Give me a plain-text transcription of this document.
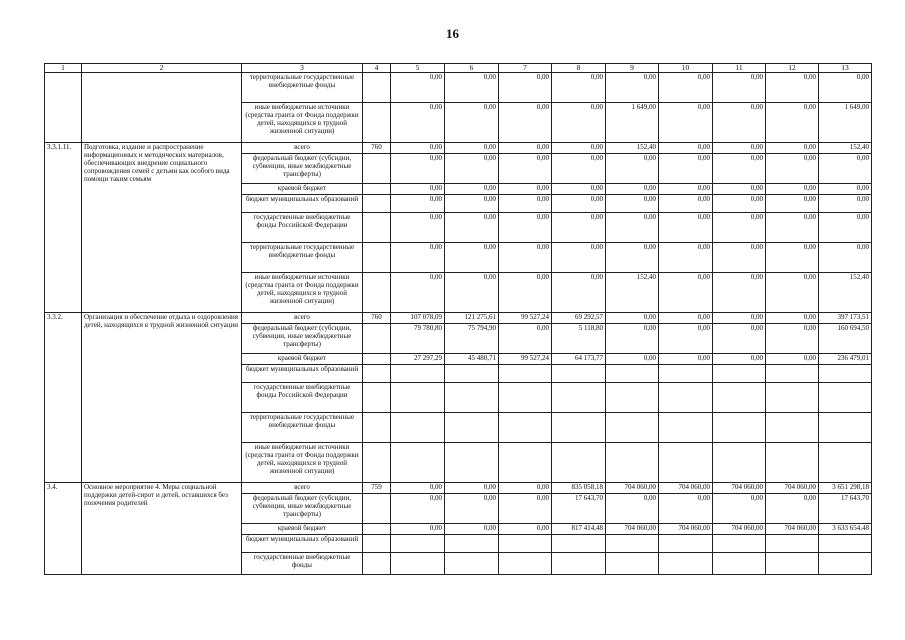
16
1	2	3	4	5	6	7	8	9	10	11	12	13
		территориальные государственные внебюджетные фонды		0,00	0,00	0,00	0,00	0,00	0,00	0,00	0,00	0,00
		иные внебюджетные источники (средства гранта от Фонда поддержки детей, находящихся в трудной жизненной ситуации)		0,00	0,00	0,00	0,00	1 649,00	0,00	0,00	0,00	1 649,00
3.3.1.11.	Подготовка, издание и распространение информационных и методических материалов, обеспечивающих внедрение социального сопровождения семей с детьми как особого вида помощи таким семьям	всего	760	0,00	0,00	0,00	0,00	152,40	0,00	0,00	0,00	152,40
		федеральный бюджет (субсидии, субвенции, иные межбюджетные трансферты)		0,00	0,00	0,00	0,00	0,00	0,00	0,00	0,00	0,00
		краевой бюджет		0,00	0,00	0,00	0,00	0,00	0,00	0,00	0,00	0,00
		бюджет муниципальных образований		0,00	0,00	0,00	0,00	0,00	0,00	0,00	0,00	0,00
		государственные внебюджетные фонды Российской Федерации		0,00	0,00	0,00	0,00	0,00	0,00	0,00	0,00	0,00
		территориальные государственные внебюджетные фонды		0,00	0,00	0,00	0,00	0,00	0,00	0,00	0,00	0,00
		иные внебюджетные источники (средства гранта от Фонда поддержки детей, находящихся в трудной жизненной ситуации)		0,00	0,00	0,00	0,00	152,40	0,00	0,00	0,00	152,40
3.3.2.	Организация и обеспечение отдыха и оздоровления детей, находящихся в трудной жизненной ситуации	всего	760	107 078,09	121 275,61	99 527,24	69 292,57	0,00	0,00	0,00	0,00	397 173,51
		федеральный бюджет (субсидии, субвенции, иные межбюджетные трансферты)		79 780,80	75 794,90	0,00	5 118,80	0,00	0,00	0,00	0,00	160 694,50
		краевой бюджет		27 297,29	45 480,71	99 527,24	64 173,77	0,00	0,00	0,00	0,00	236 479,01
		бюджет муниципальных образований										
		государственные внебюджетные фонды Российской Федерации										
		территориальные государственные внебюджетные фонды										
		иные внебюджетные источники (средства гранта от Фонда поддержки детей, находящихся в трудной жизненной ситуации)										
3.4.	Основное мероприятие 4. Меры социальной поддержки детей-сирот и детей, оставшихся без попечения родителей	всего	759	0,00	0,00	0,00	835 058,18	704 060,00	704 060,00	704 060,00	704 060,00	3 651 298,18
		федеральный бюджет (субсидии, субвенции, иные межбюджетные трансферты)		0,00	0,00	0,00	17 643,70	0,00	0,00	0,00	0,00	17 643,70
		краевой бюджет		0,00	0,00	0,00	817 414,48	704 060,00	704 060,00	704 060,00	704 060,00	3 633 654,48
		бюджет муниципальных образований										
		государственные внебюджетные фонды										
